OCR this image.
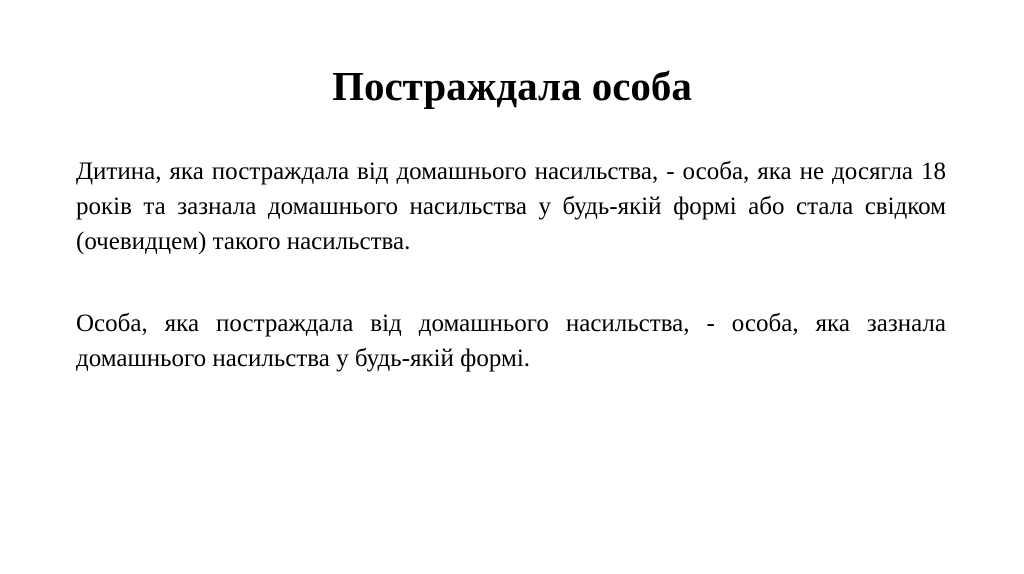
Постраждала особа

Дитина, яка постраждала від домашнього насильства, - особа, яка не досягла 18 років та зазнала домашнього насильства у будь-якій формі або стала свідком (очевидцем) такого насильства.

Особа, яка постраждала від домашнього насильства, - особа, яка зазнала домашнього насильства у будь-якій формі.
